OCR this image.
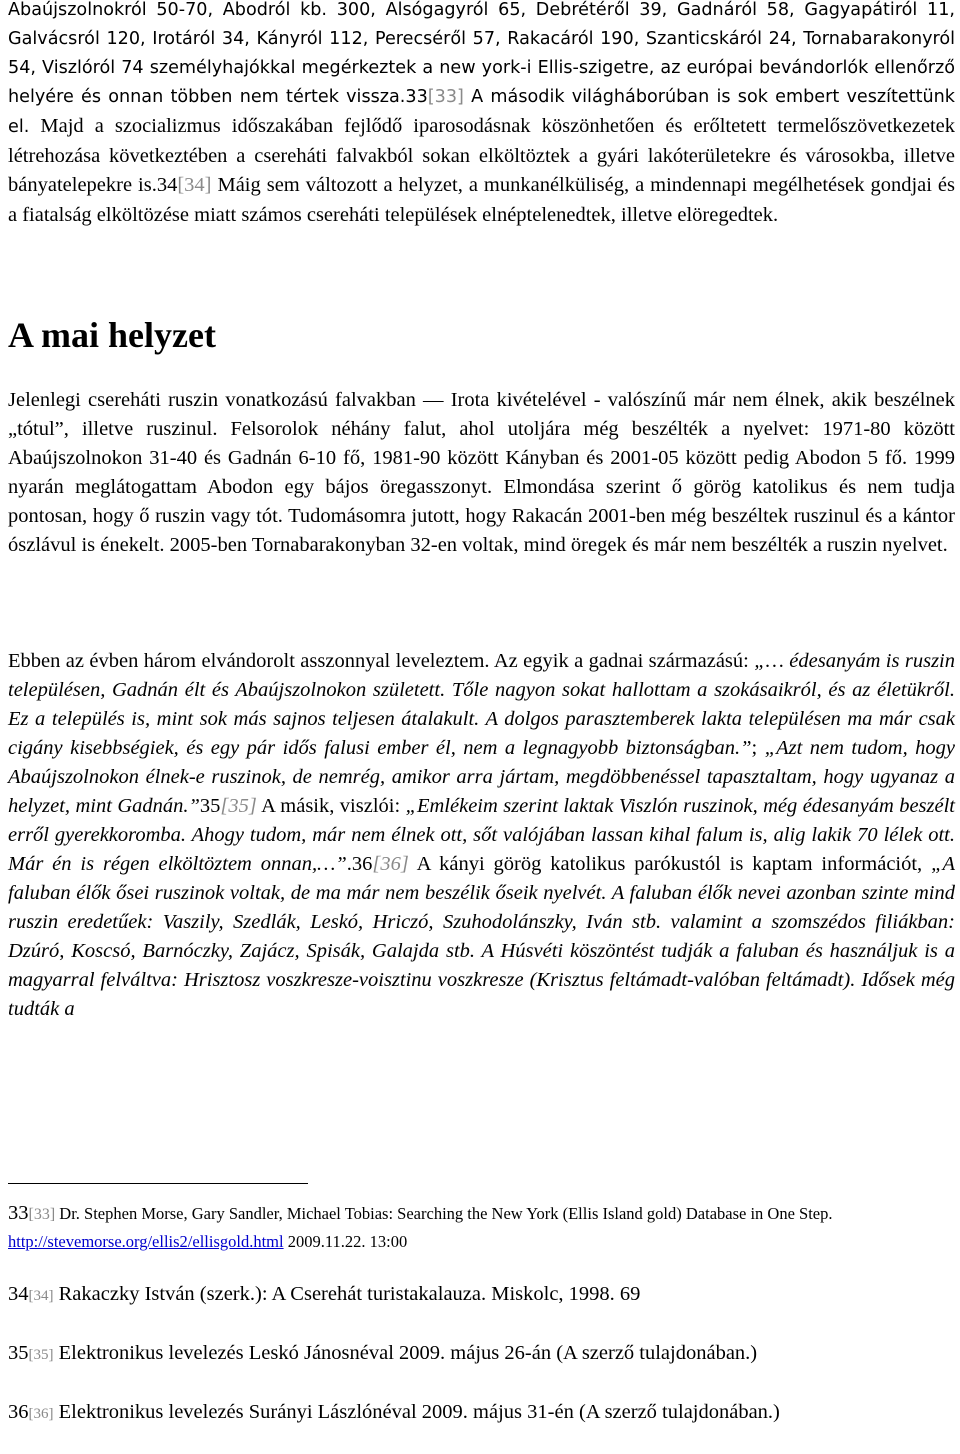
Abaújszolnokról 50-70, Abodról kb. 300, Alsógagyról 65, Debrétéről 39, Gadnáról 58, Gagyapátiról 11, Galvácsról 120, Irotáról 34, Kányról 112, Perecséről 57, Rakacáról 190, Szanticskáról 24, Tornabarakonyról 54, Viszlóról 74 személyhajókkal megérkeztek a new york-i Ellis-szigetre, az európai bevándorlók ellenőrző helyére és onnan többen nem tértek vissza.33[33] A második világháborúban is sok embert veszítettünk el. Majd a szocializmus időszakában fejlődő iparosodásnak köszönhetően és erőltetett termelőszövetkezetek létrehozása következtében a csereháti falvakból sokan elköltöztek a gyári lakóterületekre és városokba, illetve bányatelepekre is.34[34] Máig sem változott a helyzet, a munkanélküliség, a mindennapi megélhetések gondjai és a fiatalság elköltözése miatt számos csereháti települések elnéptelenedtek, illetve elöregedtek.

A mai helyzet

Jelenlegi csereháti ruszin vonatkozású falvakban — Irota kivételével - valószínű már nem élnek, akik beszélnek „tótul”, illetve ruszinul. Felsorolok néhány falut, ahol utoljára még beszélték a nyelvet: 1971-80 között Abaújszolnokon 31-40 és Gadnán 6-10 fő, 1981-90 között Kányban és 2001-05 között pedig Abodon 5 fő. 1999 nyarán meglátogattam Abodon egy bájos öregasszonyt. Elmondása szerint ő görög katolikus és nem tudja pontosan, hogy ő ruszin vagy tót. Tudomásomra jutott, hogy Rakacán 2001-ben még beszéltek ruszinul és a kántor ószlávul is énekelt. 2005-ben Tornabarakonyban 32-en voltak, mind öregek és már nem beszélték a ruszin nyelvet.

Ebben az évben három elvándorolt asszonnyal leveleztem. Az egyik a gadnai származású: „… édesanyám is ruszin településen, Gadnán élt és Abaújszolnokon született. Tőle nagyon sokat hallottam a szokásaikról, és az életükről. Ez a település is, mint sok más sajnos teljesen átalakult. A dolgos parasztemberek lakta településen ma már csak cigány kisebbségiek, és egy pár idős falusi ember él, nem a legnagyobb biztonságban.”; „Azt nem tudom, hogy Abaújszolnokon élnek-e ruszinok, de nemrég, amikor arra jártam, megdöbbenéssel tapasztaltam, hogy ugyanaz a helyzet, mint Gadnán.”35[35] A másik, viszlói: „Emlékeim szerint laktak Viszlón ruszinok, még édesanyám beszélt erről gyerekkoromba. Ahogy tudom, már nem élnek ott, sőt valójában lassan kihal falum is, alig lakik 70 lélek ott. Már én is régen elköltöztem onnan,…”.36[36] A kányi görög katolikus parókustól is kaptam információt, „A faluban élők ősei ruszinok voltak, de ma már nem beszélik őseik nyelvét. A faluban élők nevei azonban szinte mind ruszin eredetűek: Vaszily, Szedlák, Leskó, Hriczó, Szuhodolánszky, Iván stb. valamint a szomszédos filiákban: Dzúró, Koscsó, Barnóczky, Zajácz, Spisák, Galajda stb. A Húsvéti köszöntést tudják a faluban és használjuk is a magyarral felváltva: Hrisztosz voszkresze-voisztinu voszkresze (Krisztus feltámadt-valóban feltámadt). Idősek még tudták a

33[33] Dr. Stephen Morse, Gary Sandler, Michael Tobias: Searching the New York (Ellis Island gold) Database in One Step. http://stevemorse.org/ellis2/ellisgold.html 2009.11.22. 13:00
34[34] Rakaczky István (szerk.): A Cserehát turistakalauza. Miskolc, 1998. 69
35[35] Elektronikus levelezés Leskó Jánosnéval 2009. május 26-án (A szerző tulajdonában.)
36[36] Elektronikus levelezés Surányi Lászlónéval 2009. május 31-én (A szerző tulajdonában.)
